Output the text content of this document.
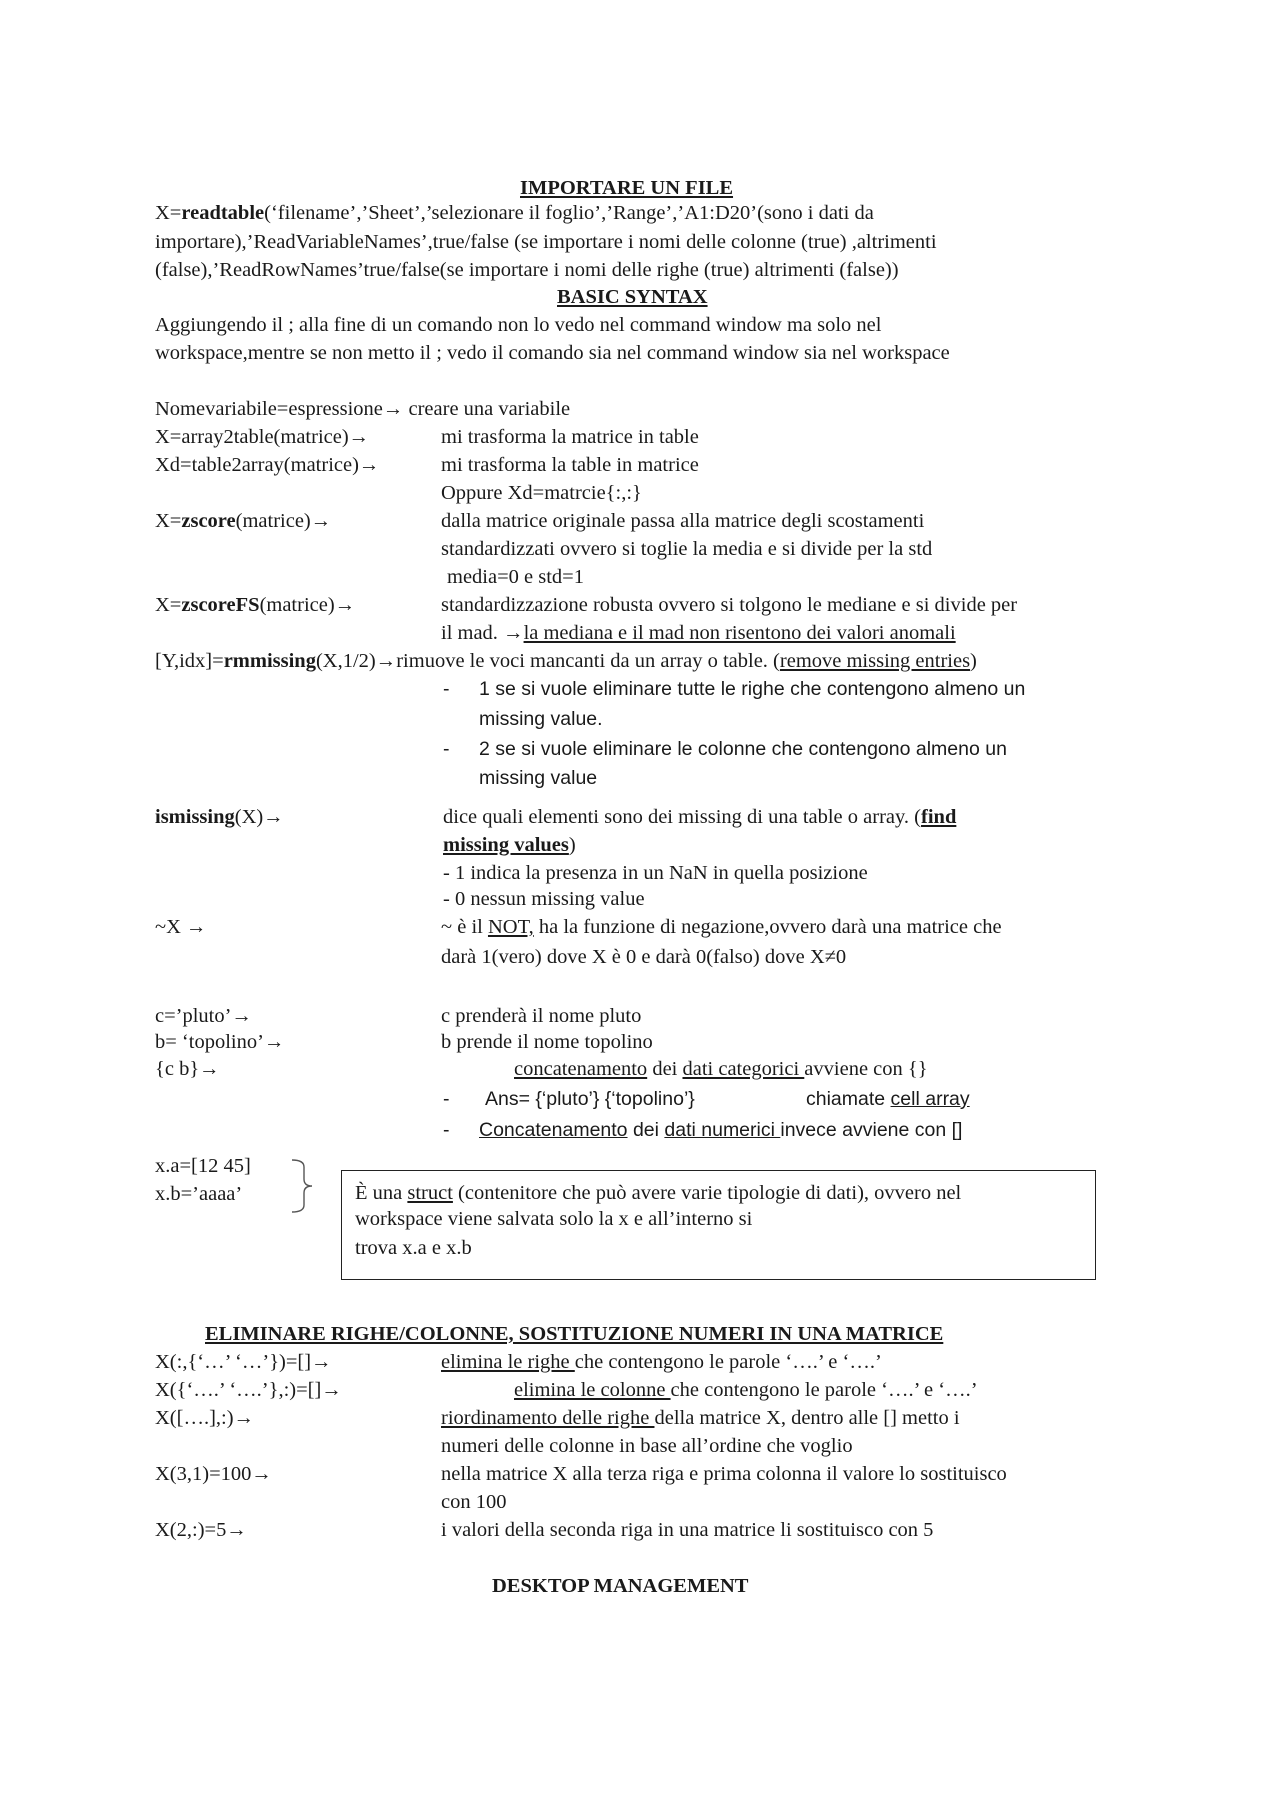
IMPORTARE UN FILE
X=readtable(‘filename’,’Sheet’,’selezionare il foglio’,’Range’,’A1:D20’(sono i dati da
importare),’ReadVariableNames’,true/false (se importare i nomi delle colonne (true) ,altrimenti
(false),’ReadRowNames’true/false(se importare i nomi delle righe (true) altrimenti (false))
BASIC SYNTAX
Aggiungendo il ; alla fine di un comando non lo vedo nel command window ma solo nel
workspace,mentre se non metto il ; vedo il comando sia nel command window sia nel workspace
Nomevariabile=espressione→ creare una variabile
X=array2table(matrice)→	mi trasforma la matrice in table
Xd=table2array(matrice)→	mi trasforma la table in matrice
Oppure Xd=matrcie{:,:}
X=zscore(matrice)→	dalla matrice originale passa alla matrice degli scostamenti
standardizzati ovvero si toglie la media e si divide per la std
media=0 e std=1
X=zscoreFS(matrice)→	standardizzazione robusta ovvero si tolgono le mediane e si divide per
il mad. →la mediana e il mad non risentono dei valori anomali
[Y,idx]=rmmissing(X,1/2)→rimuove le voci mancanti da un array o table. (remove missing entries)
- 1 se si vuole eliminare tutte le righe che contengono almeno un
missing value.
- 2 se si vuole eliminare le colonne che contengono almeno un
missing value
ismissing(X)→	dice quali elementi sono dei missing di una table o array. (find
missing values)
- 1 indica la presenza in un NaN in quella posizione
- 0 nessun missing value
~X →	~ è il NOT, ha la funzione di negazione,ovvero darà una matrice che
darà 1(vero) dove X è 0 e darà 0(falso) dove X≠0
c=’pluto’→	c prenderà il nome pluto
b= ‘topolino’→	b prende il nome topolino
{c b}→	concatenamento dei dati categorici avviene con {}
- Ans= {‘pluto’} {‘topolino’}	chiamate cell array
- Concatenamento dei dati numerici invece avviene con []
x.a=[12 45]
x.b=’aaaa’	È una struct (contenitore che può avere varie tipologie di dati), ovvero nel
workspace viene salvata solo la x e all’interno si
trova x.a e x.b
ELIMINARE RIGHE/COLONNE, SOSTITUZIONE NUMERI IN UNA MATRICE
X(:,{‘…’ ‘…’})=[]→	elimina le righe che contengono le parole ‘….’ e ‘….’
X({‘….’ ‘….’},:)=[]→	elimina le colonne che contengono le parole ‘….’ e ‘….’
X([….],:)→	riordinamento delle righe della matrice X, dentro alle [] metto i
numeri delle colonne in base all’ordine che voglio
X(3,1)=100→	nella matrice X alla terza riga e prima colonna il valore lo sostituisco
con 100
X(2,:)=5→	i valori della seconda riga in una matrice li sostituisco con 5
DESKTOP MANAGEMENT
